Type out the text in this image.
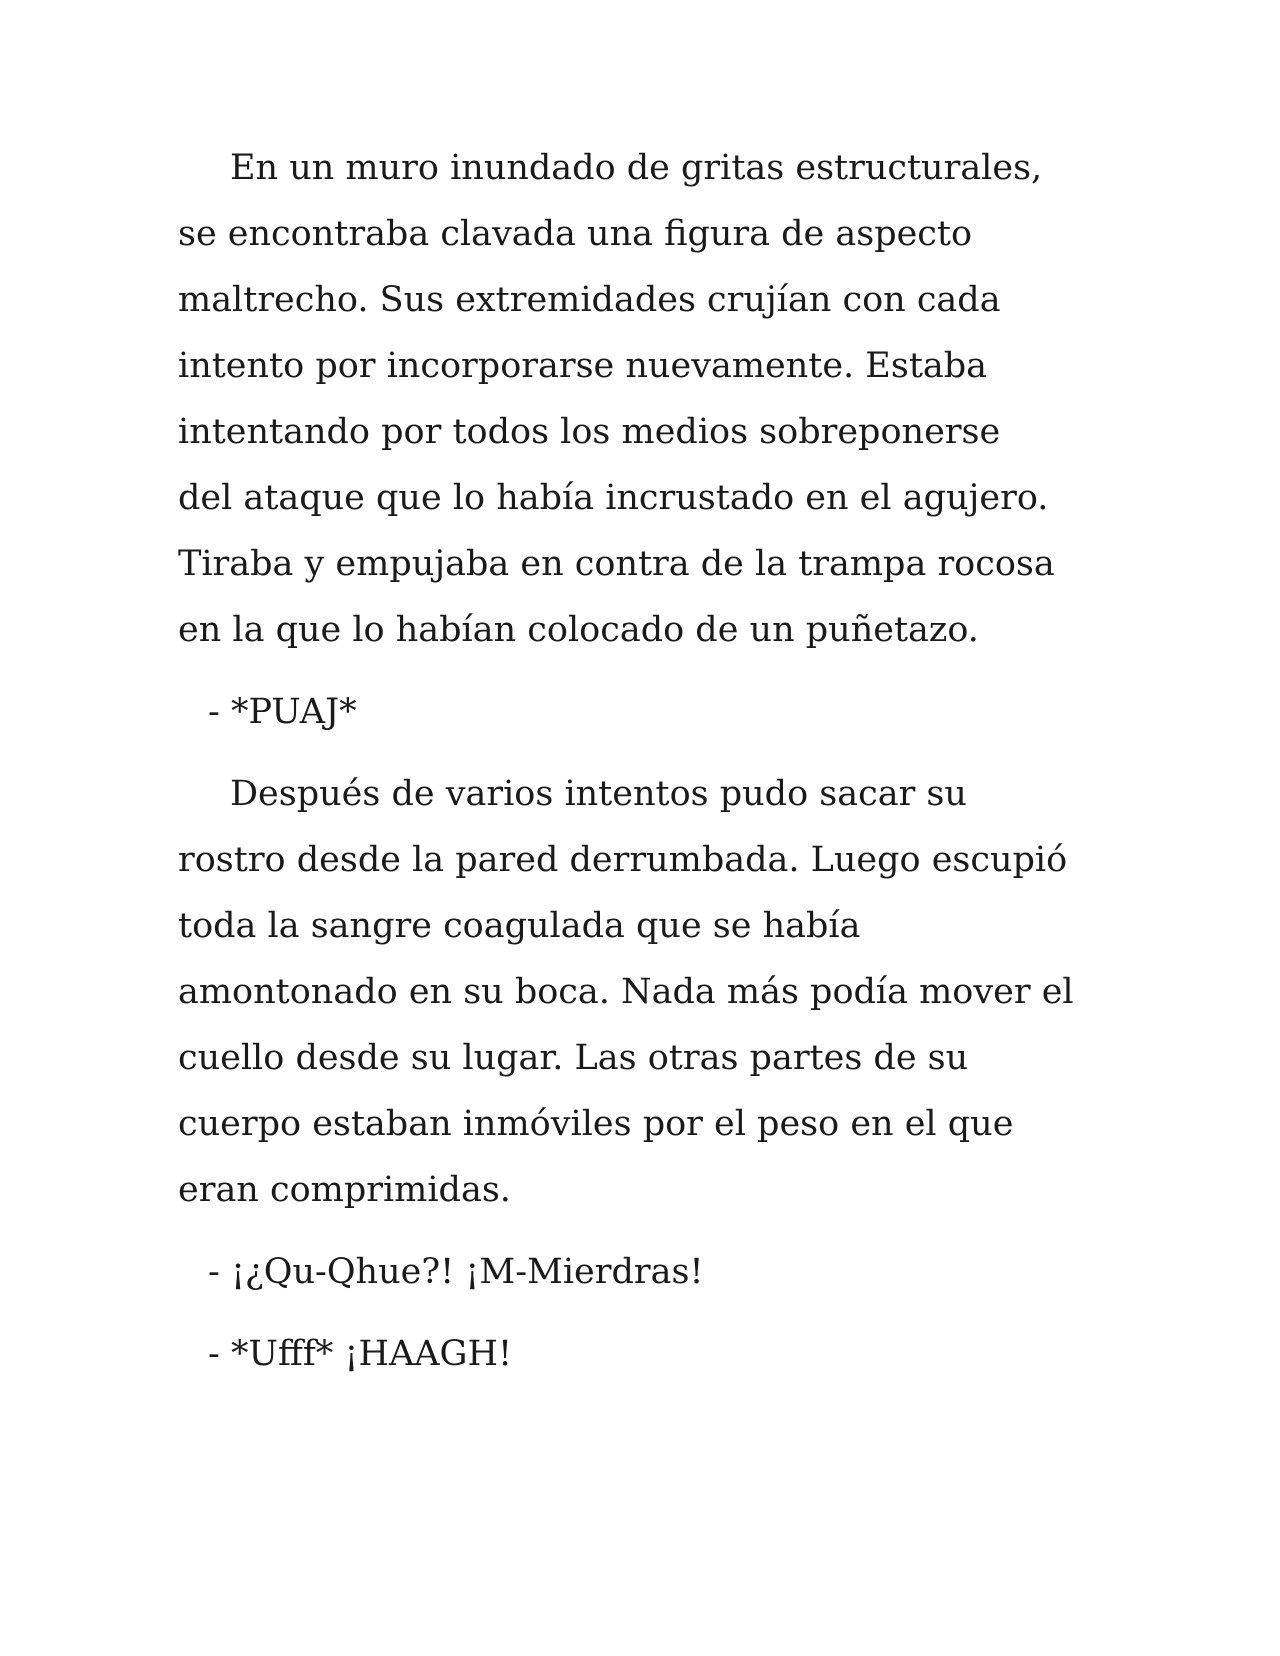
En un muro inundado de gritas estructurales,
se encontraba clavada una figura de aspecto
maltrecho. Sus extremidades crujían con cada
intento por incorporarse nuevamente. Estaba
intentando por todos los medios sobreponerse
del ataque que lo había incrustado en el agujero.
Tiraba y empujaba en contra de la trampa rocosa
en la que lo habían colocado de un puñetazo.

- *PUAJ*

Después de varios intentos pudo sacar su
rostro desde la pared derrumbada. Luego escupió
toda la sangre coagulada que se había
amontonado en su boca. Nada más podía mover el
cuello desde su lugar. Las otras partes de su
cuerpo estaban inmóviles por el peso en el que
eran comprimidas.

- ¡¿Qu-Qhue?! ¡M-Mierdras!

- *Ufff* ¡HAAGH!
